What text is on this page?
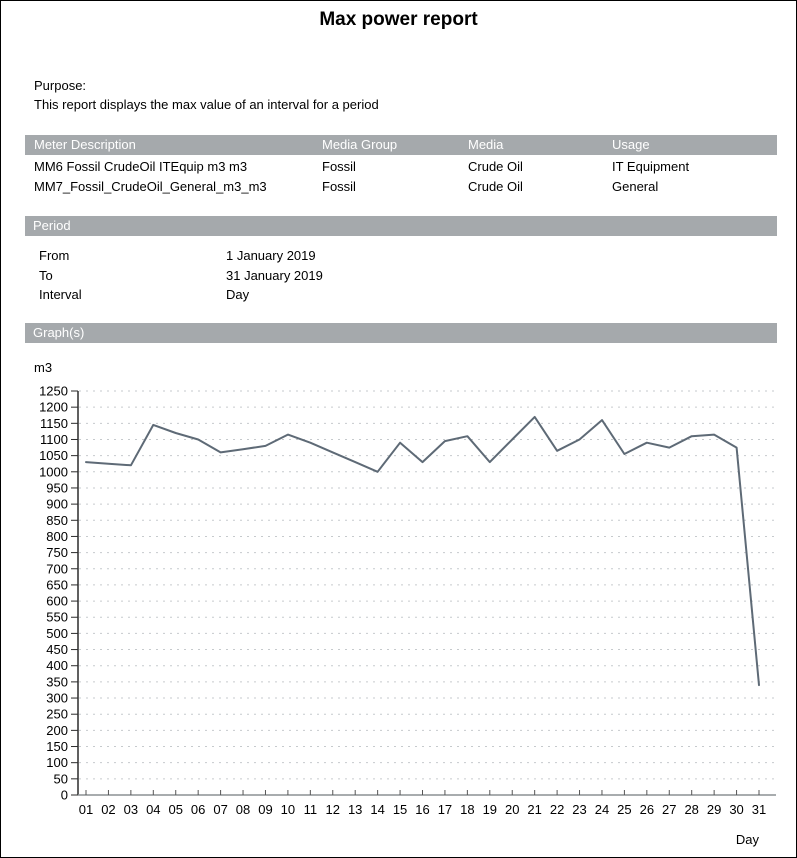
Max power report
Purpose:
This report displays the max value of an interval for a period
Meter Description	Media Group	Media	Usage
MM6 Fossil CrudeOil ITEquip m3 m3	Fossil	Crude Oil	IT Equipment
MM7_Fossil_CrudeOil_General_m3_m3	Fossil	Crude Oil	General
Period
From	1 January 2019
To	31 January 2019
Interval	Day
Graph(s)
m3
0
50
100
150
200
250
300
350
400
450
500
550
600
650
700
750
800
850
900
950
1000
1050
1100
1150
1200
1250
01 02 03 04 05 06 07 08 09 10 11 12 13 14 15 16 17 18 19 20 21 22 23 24 25 26 27 28 29 30 31
Day
